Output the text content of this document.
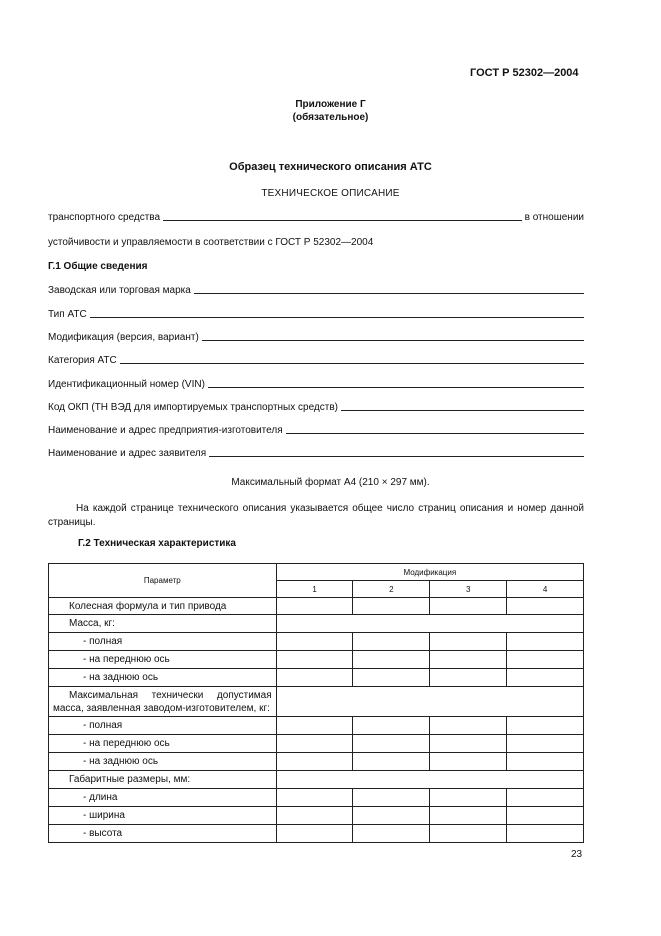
ГОСТ Р 52302—2004
Приложение Г
(обязательное)
Образец технического описания АТС
ТЕХНИЧЕСКОЕ ОПИСАНИЕ
транспортного средства	в отношении
устойчивости и управляемости в соответствии с ГОСТ Р 52302—2004
Г.1 Общие сведения
Заводская или торговая марка
Тип АТС
Модификация (версия, вариант)
Категория АТС
Идентификационный номер (VIN)
Код ОКП (ТН ВЭД для импортируемых транспортных средств)
Наименование и адрес предприятия-изготовителя
Наименование и адрес заявителя
Максимальный формат А4 (210 × 297 мм).
На каждой странице технического описания указывается общее число страниц описания и номер данной страницы.
Г.2 Техническая характеристика
Параметр	Модификация			
	1	2	3	4
Колесная формула и тип привода				
Масса, кг:				
- полная				
- на переднюю ось				
- на заднюю ось				
Максимальная технически допустимая масса, заявленная заводом-изготовителем, кг:				
- полная				
- на переднюю ось				
- на заднюю ось				
Габаритные размеры, мм:				
- длина				
- ширина				
- высота				
23
